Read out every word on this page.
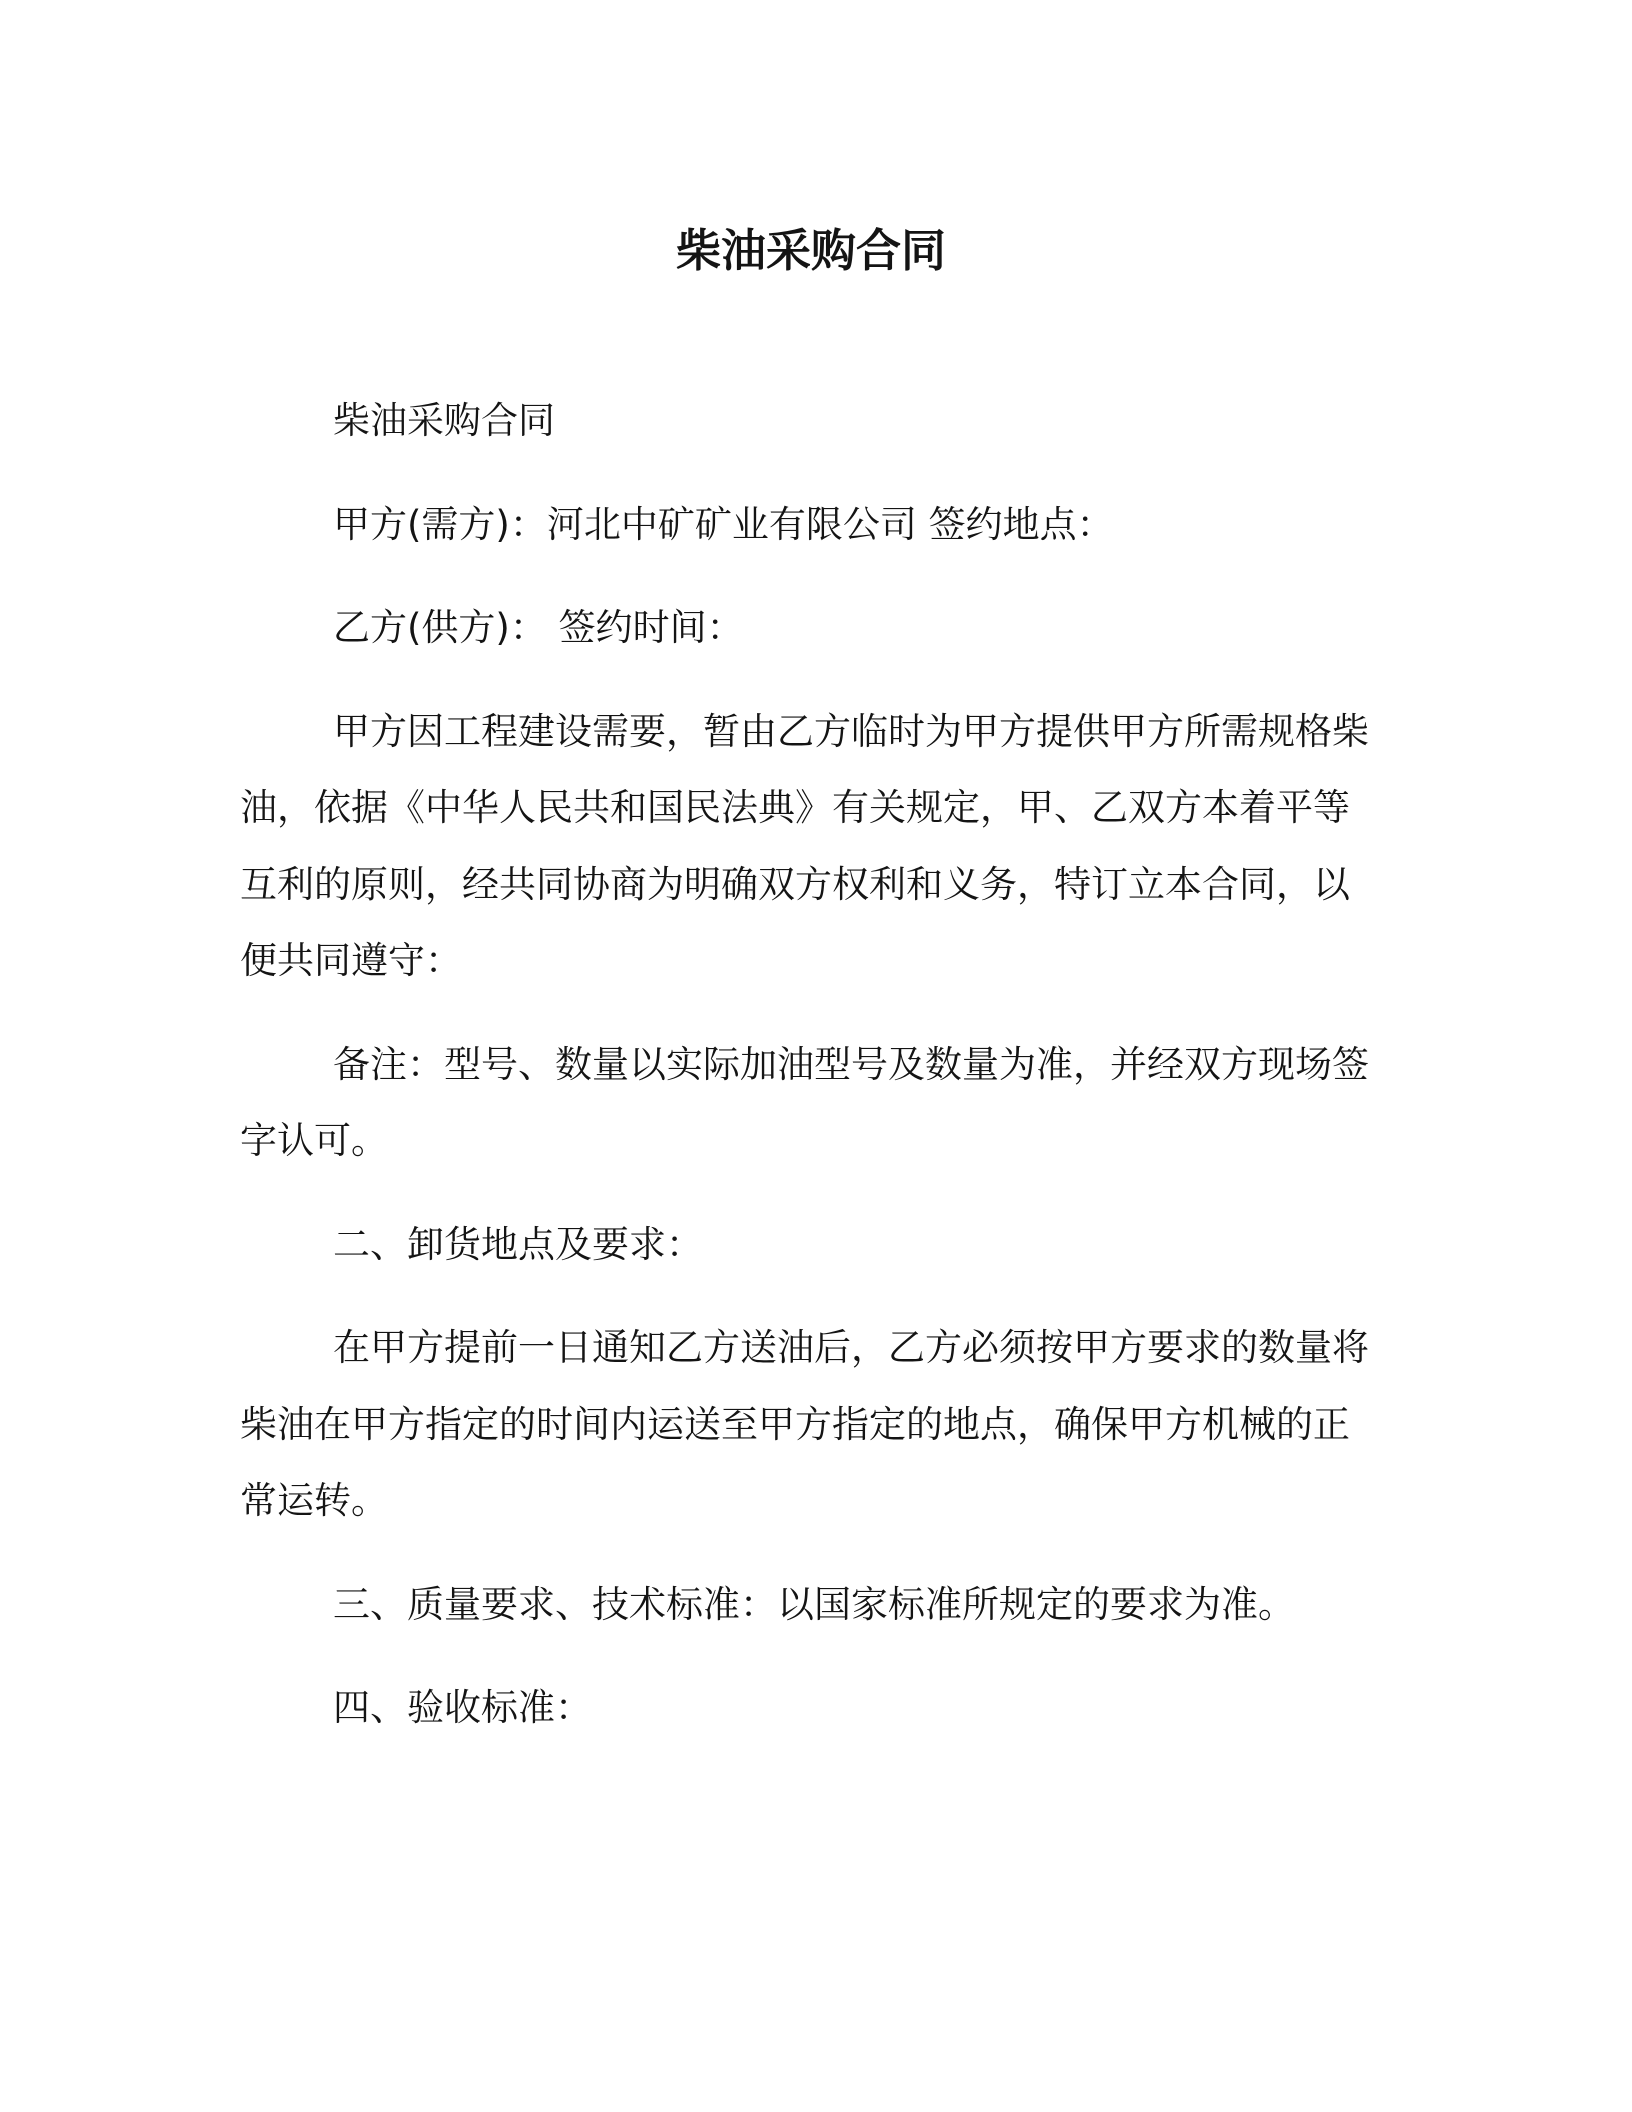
柴油采购合同

柴油采购合同

甲方(需方)：河北中矿矿业有限公司 签约地点：

乙方(供方)： 签约时间：

甲方因工程建设需要，暂由乙方临时为甲方提供甲方所需规格柴
油，依据《中华人民共和国民法典》有关规定，甲、乙双方本着平等
互利的原则，经共同协商为明确双方权利和义务，特订立本合同，以
便共同遵守：

备注：型号、数量以实际加油型号及数量为准，并经双方现场签
字认可。

二、卸货地点及要求：

在甲方提前一日通知乙方送油后，乙方必须按甲方要求的数量将
柴油在甲方指定的时间内运送至甲方指定的地点，确保甲方机械的正
常运转。

三、质量要求、技术标准：以国家标准所规定的要求为准。

四、验收标准：
